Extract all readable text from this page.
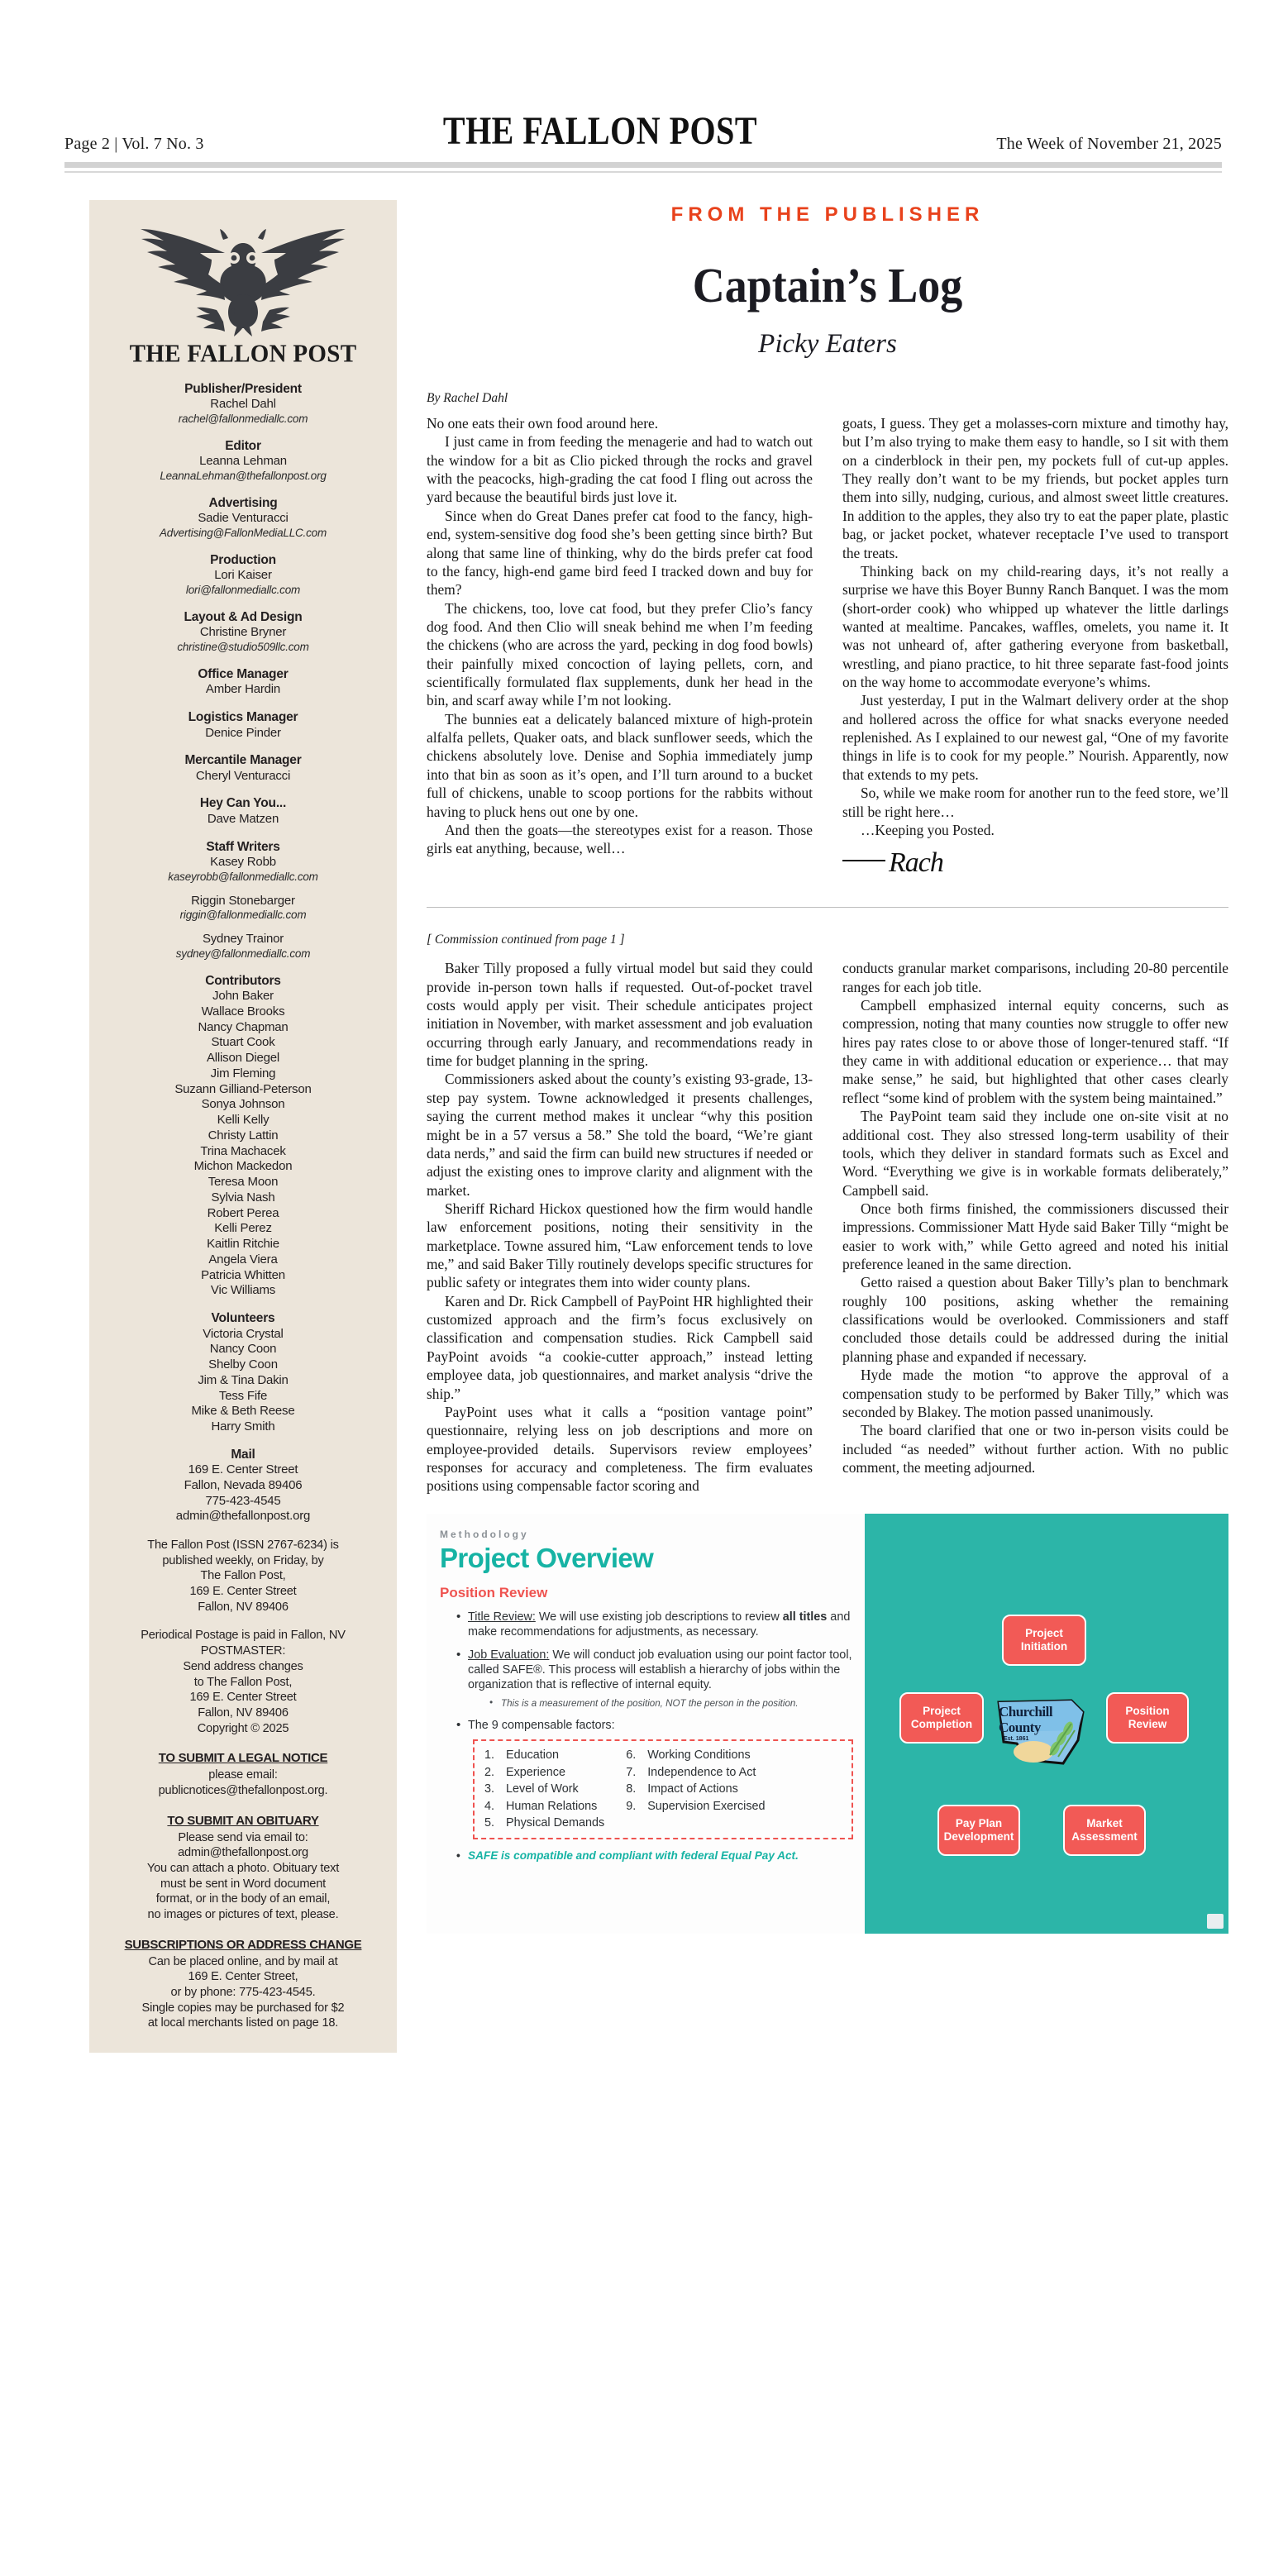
Page 2 | Vol. 7 No. 3	THE FALLON POST	The Week of November 21, 2025
THE FALLON POST
Publisher/President
Rachel Dahl
rachel@fallonmediallc.com
Editor
Leanna Lehman
LeannaLehman@thefallonpost.org
Advertising
Sadie Venturacci
Advertising@FallonMediaLLC.com
Production
Lori Kaiser
lori@fallonmediallc.com
Layout & Ad Design
Christine Bryner
christine@studio509llc.com
Office Manager
Amber Hardin
Logistics Manager
Denice Pinder
Mercantile Manager
Cheryl Venturacci
Hey Can You...
Dave Matzen
Staff Writers
Kasey Robb
kaseyrobb@fallonmediallc.com
Riggin Stonebarger
riggin@fallonmediallc.com
Sydney Trainor
sydney@fallonmediallc.com
Contributors
John Baker
Wallace Brooks
Nancy Chapman
Stuart Cook
Allison Diegel
Jim Fleming
Suzann Gilliand-Peterson
Sonya Johnson
Kelli Kelly
Christy Lattin
Trina Machacek
Michon Mackedon
Teresa Moon
Sylvia Nash
Robert Perea
Kelli Perez
Kaitlin Ritchie
Angela Viera
Patricia Whitten
Vic Williams
Volunteers
Victoria Crystal
Nancy Coon
Shelby Coon
Jim & Tina Dakin
Tess Fife
Mike & Beth Reese
Harry Smith
Mail
169 E. Center Street
Fallon, Nevada 89406
775-423-4545
admin@thefallonpost.org
The Fallon Post (ISSN 2767-6234) is
published weekly, on Friday, by
The Fallon Post,
169 E. Center Street
Fallon, NV 89406
Periodical Postage is paid in Fallon, NV
POSTMASTER:
Send address changes
to The Fallon Post,
169 E. Center Street
Fallon, NV 89406
Copyright © 2025
TO SUBMIT A LEGAL NOTICE
please email:
publicnotices@thefallonpost.org.
TO SUBMIT AN OBITUARY
Please send via email to:
admin@thefallonpost.org
You can attach a photo. Obituary text
must be sent in Word document
format, or in the body of an email,
no images or pictures of text, please.
SUBSCRIPTIONS OR ADDRESS CHANGE
Can be placed online, and by mail at
169 E. Center Street,
or by phone: 775-423-4545.
Single copies may be purchased for $2
at local merchants listed on page 18.
FROM THE PUBLISHER
Captain’s Log
Picky Eaters
By Rachel Dahl

No one eats their own food around here.

I just came in from feeding the menagerie and had to watch out the window for a bit as Clio picked through the rocks and gravel with the peacocks, high-grading the cat food I fling out across the yard because the beautiful birds just love it.

Since when do Great Danes prefer cat food to the fancy, high-end, system-sensitive dog food she’s been getting since birth? But along that same line of thinking, why do the birds prefer cat food to the fancy, high-end game bird feed I tracked down and buy for them?

The chickens, too, love cat food, but they prefer Clio’s fancy dog food. And then Clio will sneak behind me when I’m feeding the chickens (who are across the yard, pecking in dog food bowls) their painfully mixed concoction of laying pellets, corn, and scientifically formulated flax supplements, dunk her head in the bin, and scarf away while I’m not looking.

The bunnies eat a delicately balanced mixture of high-protein alfalfa pellets, Quaker oats, and black sunflower seeds, which the chickens absolutely love. Denise and Sophia immediately jump into that bin as soon as it’s open, and I’ll turn around to a bucket full of chickens, unable to scoop portions for the rabbits without having to pluck hens out one by one.

And then the goats—the stereotypes exist for a reason. Those girls eat anything, because, well…

goats, I guess. They get a molasses-corn mixture and timothy hay, but I’m also trying to make them easy to handle, so I sit with them on a cinderblock in their pen, my pockets full of cut-up apples. They really don’t want to be my friends, but pocket apples turn them into silly, nudging, curious, and almost sweet little creatures. In addition to the apples, they also try to eat the paper plate, plastic bag, or jacket pocket, whatever receptacle I’ve used to transport the treats.

Thinking back on my child-rearing days, it’s not really a surprise we have this Boyer Bunny Ranch Banquet. I was the mom (short-order cook) who whipped up whatever the little darlings wanted at mealtime. Pancakes, waffles, omelets, you name it. It was not unheard of, after gathering everyone from basketball, wrestling, and piano practice, to hit three separate fast-food joints on the way home to accommodate everyone’s whims.

Just yesterday, I put in the Walmart delivery order at the shop and hollered across the office for what snacks everyone needed replenished. As I explained to our newest gal, “One of my favorite things in life is to cook for my people.” Nourish. Apparently, now that extends to my pets.

So, while we make room for another run to the feed store, we’ll still be right here…

…Keeping you Posted.

Rach
[ Commission continued from page 1 ]

Baker Tilly proposed a fully virtual model but said they could provide in-person town halls if requested. Out-of-pocket travel costs would apply per visit. Their schedule anticipates project initiation in November, with market assessment and job evaluation occurring through early January, and recommendations ready in time for budget planning in the spring.

Commissioners asked about the county’s existing 93-grade, 13-step pay system. Towne acknowledged it presents challenges, saying the current method makes it unclear “why this position might be in a 57 versus a 58.” She told the board, “We’re giant data nerds,” and said the firm can build new structures if needed or adjust the existing ones to improve clarity and alignment with the market.

Sheriff Richard Hickox questioned how the firm would handle law enforcement positions, noting their sensitivity in the marketplace. Towne assured him, “Law enforcement tends to love me,” and said Baker Tilly routinely develops specific structures for public safety or integrates them into wider county plans.

Karen and Dr. Rick Campbell of PayPoint HR highlighted their customized approach and the firm’s focus exclusively on classification and compensation studies. Rick Campbell said PayPoint avoids “a cookie-cutter approach,” instead letting employee data, job questionnaires, and market analysis “drive the ship.”

PayPoint uses what it calls a “position vantage point” questionnaire, relying less on job descriptions and more on employee-provided details. Supervisors review employees’ responses for accuracy and completeness. The firm evaluates positions using compensable factor scoring and

conducts granular market comparisons, including 20-80 percentile ranges for each job title.

Campbell emphasized internal equity concerns, such as compression, noting that many counties now struggle to offer new hires pay rates close to or above those of longer-tenured staff. “If they came in with additional education or experience… that may make sense,” he said, but highlighted that other cases clearly reflect “some kind of problem with the system being maintained.”

The PayPoint team said they include one on-site visit at no additional cost. They also stressed long-term usability of their tools, which they deliver in standard formats such as Excel and Word. “Everything we give is in workable formats deliberately,” Campbell said.

Once both firms finished, the commissioners discussed their impressions. Commissioner Matt Hyde said Baker Tilly “might be easier to work with,” while Getto agreed and noted his initial preference leaned in the same direction.

Getto raised a question about Baker Tilly’s plan to benchmark roughly 100 positions, asking whether the remaining classifications would be overlooked. Commissioners and staff concluded those details could be addressed during the initial planning phase and expanded if necessary.

Hyde made the motion “to approve the approval of a compensation study to be performed by Baker Tilly,” which was seconded by Blakey. The motion passed unanimously.

The board clarified that one or two in-person visits could be included “as needed” without further action. With no public comment, the meeting adjourned.

Methodology
Project Overview
Position Review
• Title Review: We will use existing job descriptions to review all titles and make recommendations for adjustments, as necessary.
• Job Evaluation: We will conduct job evaluation using our point factor tool, called SAFE®. This process will establish a hierarchy of jobs within the organization that is reflective of internal equity.
• This is a measurement of the position, NOT the person in the position.
• The 9 compensable factors:
1. Education
2. Experience
3. Level of Work
4. Human Relations
5. Physical Demands
6. Working Conditions
7. Independence to Act
8. Impact of Actions
9. Supervision Exercised
• SAFE is compatible and compliant with federal Equal Pay Act.
Project Initiation
Position Review
Market Assessment
Pay Plan Development
Project Completion
Churchill
County
Est. 1861
